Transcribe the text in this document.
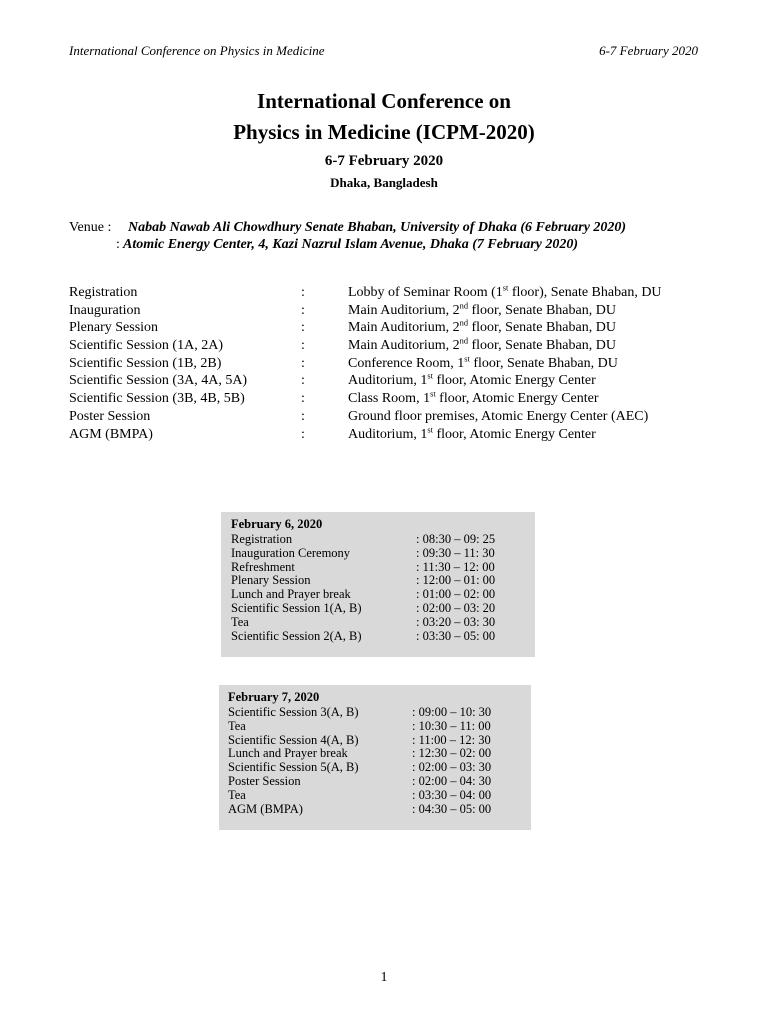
International Conference on Physics in Medicine	6-7 February 2020
International Conference on
Physics in Medicine (ICPM-2020)
6-7 February 2020
Dhaka, Bangladesh
Venue : Nabab Nawab Ali Chowdhury Senate Bhaban, University of Dhaka (6 February 2020)
: Atomic Energy Center, 4, Kazi Nazrul Islam Avenue, Dhaka (7 February 2020)
Registration	:	Lobby of Seminar Room (1st floor), Senate Bhaban, DU
Inauguration	:	Main Auditorium, 2nd floor, Senate Bhaban, DU
Plenary Session	:	Main Auditorium, 2nd floor, Senate Bhaban, DU
Scientific Session (1A, 2A)	:	Main Auditorium, 2nd floor, Senate Bhaban, DU
Scientific Session (1B, 2B)	:	Conference Room, 1st floor, Senate Bhaban, DU
Scientific Session (3A, 4A, 5A)	:	Auditorium, 1st floor, Atomic Energy Center
Scientific Session (3B, 4B, 5B)	:	Class Room, 1st floor, Atomic Energy Center
Poster Session	:	Ground floor premises, Atomic Energy Center (AEC)
AGM (BMPA)	:	Auditorium, 1st floor, Atomic Energy Center
February 6, 2020
Registration	: 08:30 – 09: 25
Inauguration Ceremony	: 09:30 – 11: 30
Refreshment	: 11:30 – 12: 00
Plenary Session	: 12:00 – 01: 00
Lunch and Prayer break	: 01:00 – 02: 00
Scientific Session 1(A, B)	: 02:00 – 03: 20
Tea	: 03:20 – 03: 30
Scientific Session 2(A, B)	: 03:30 – 05: 00
February 7, 2020
Scientific Session 3(A, B)	: 09:00 – 10: 30
Tea	: 10:30 – 11: 00
Scientific Session 4(A, B)	: 11:00 – 12: 30
Lunch and Prayer break	: 12:30 – 02: 00
Scientific Session 5(A, B)	: 02:00 – 03: 30
Poster Session	: 02:00 – 04: 30
Tea	: 03:30 – 04: 00
AGM (BMPA)	: 04:30 – 05: 00
1
